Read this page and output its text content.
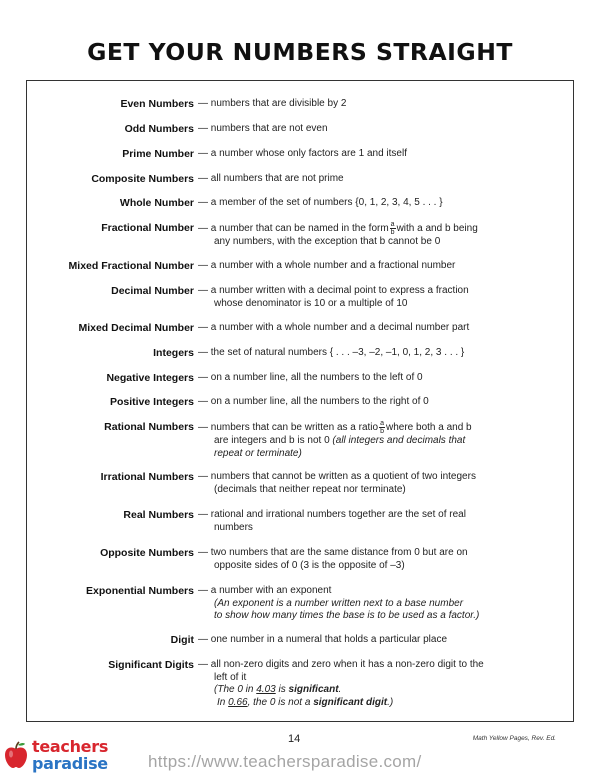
GET YOUR NUMBERS STRAIGHT
Even Numbers — numbers that are divisible by 2
Odd Numbers — numbers that are not even
Prime Number — a number whose only factors are 1 and itself
Composite Numbers — all numbers that are not prime
Whole Number — a member of the set of numbers {0, 1, 2, 3, 4, 5 . . . }
Fractional Number — a number that can be named in the form $\frac{a}{b}$ with a and b being
any numbers, with the exception that b cannot be 0
Mixed Fractional Number — a number with a whole number and a fractional number
Decimal Number — a number written with a decimal point to express a fraction
whose denominator is 10 or a multiple of 10
Mixed Decimal Number — a number with a whole number and a decimal number part
Integers — the set of natural numbers { . . . –3, –2, –1, 0, 1, 2, 3 . . . }
Negative Integers — on a number line, all the numbers to the left of 0
Positive Integers — on a number line, all the numbers to the right of 0
Rational Numbers — numbers that can be written as a ratio $\frac{a}{b}$ where both a and b
are integers and b is not 0 (all integers and decimals that
repeat or terminate)
Irrational Numbers — numbers that cannot be written as a quotient of two integers
(decimals that neither repeat nor terminate)
Real Numbers — rational and irrational numbers together are the set of real
numbers
Opposite Numbers — two numbers that are the same distance from 0 but are on
opposite sides of 0 (3 is the opposite of –3)
Exponential Numbers — a number with an exponent
(An exponent is a number written next to a base number
to show how many times the base is to be used as a factor.)
Digit — one number in a numeral that holds a particular place
Significant Digits — all non-zero digits and zero when it has a non-zero digit to the
left of it
(The 0 in 4.03 is significant.
In 0.66, the 0 is not a significant digit.)
14	Math Yellow Pages, Rev. Ed.
teachers
paradise https://www.teachersparadise.com/
